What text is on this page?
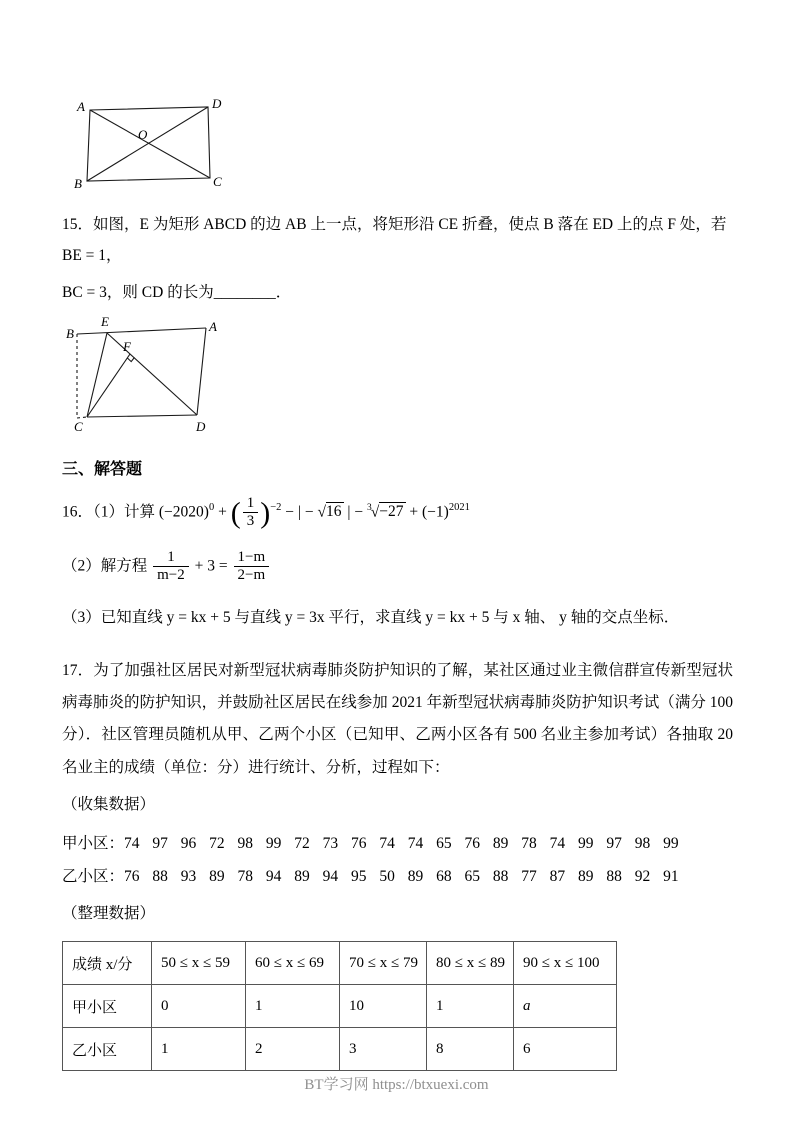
A	D
B	C
O
15．如图，E 为矩形 ABCD 的边 AB 上一点，将矩形沿 CE 折叠，使点 B 落在 ED 上的点 F 处，若 BE = 1，
BC = 3，则 CD 的长为________．
B
E	A
F
C	D
三、解答题
16．（1）计算 $(-2020)^0$ + ( $\frac{1}{3} )^{-2}$ − | − √16 | − $^3√-27 + (-1)^{2021}$
（2）解方程 $\frac{1}{m-2} + 3 = \frac{1-m}{2-m}$
（3）已知直线 y = kx + 5 与直线 y = 3x 平行，求直线 y = kx + 5 与 x 轴、 y 轴的交点坐标．
17．为了加强社区居民对新型冠状病毒肺炎防护知识的了解，某社区通过业主微信群宣传新型冠状病毒肺炎的防护知识，并鼓励社区居民在线参加 2021 年新型冠状病毒肺炎防护知识考试（满分 100 分）．社区管理员随机从甲、乙两个小区（已知甲、乙两小区各有 500 名业主参加考试）各抽取 20 名业主的成绩（单位：分）进行统计、分析，过程如下：
（收集数据）
甲小区：74 97 96 72 98 99 72 73 76 74 74 65 76 89 78 74 99 97 98 99
乙小区：76 88 93 89 78 94 89 94 95 50 89 68 65 88 77 87 89 88 92 91
（整理数据）
成绩 x/分	50 ≤ x ≤ 59	60 ≤ x ≤ 69	70 ≤ x ≤ 79	80 ≤ x ≤ 89	90 ≤ x ≤ 100
甲小区	0	1	10	1	a
乙小区	1	2	3	8	6
BT学习网 https://btxuexi.com
